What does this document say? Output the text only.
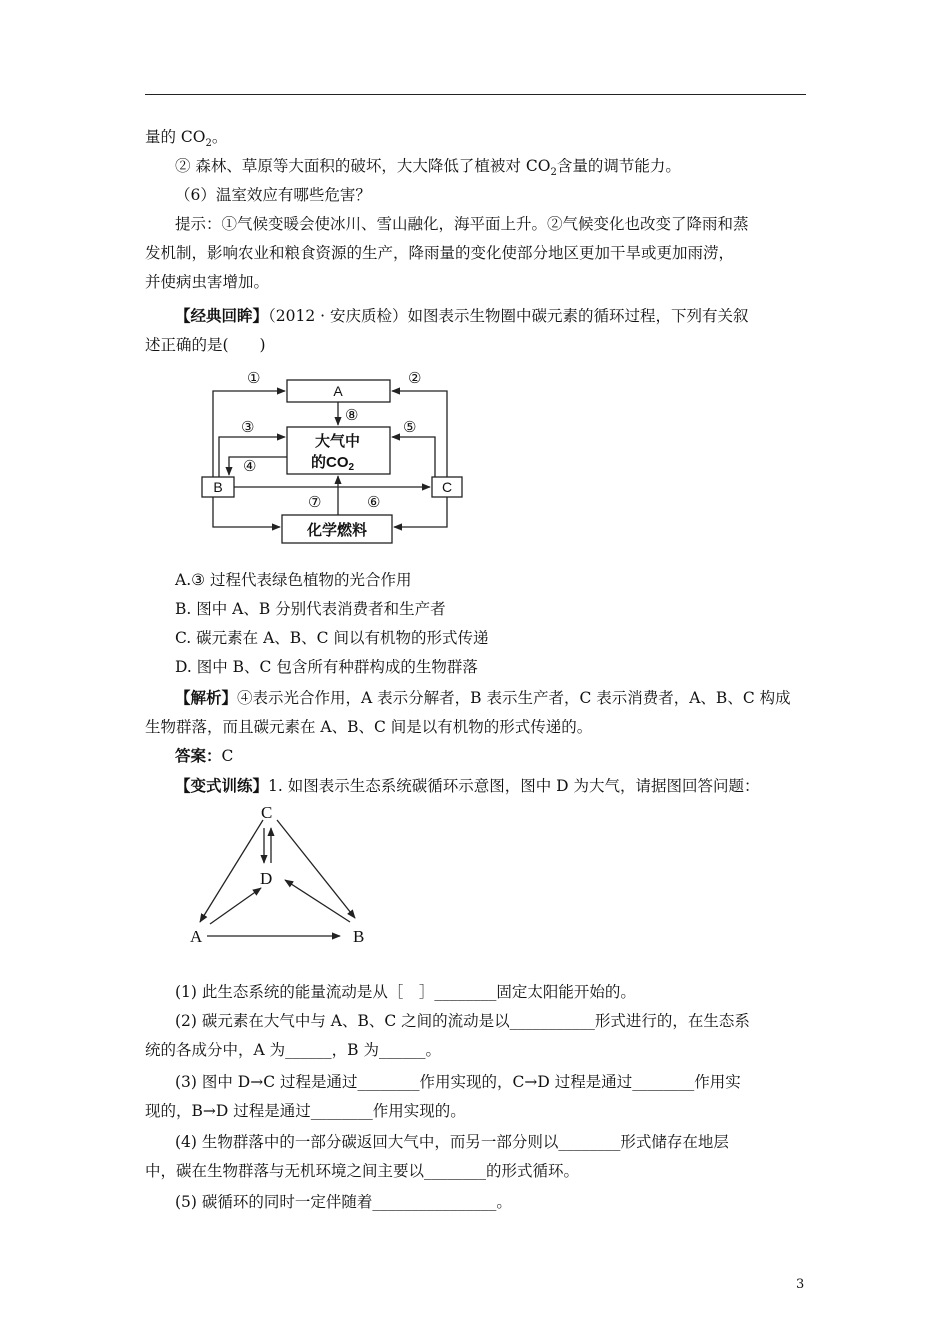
量的 $CO_2$。
② 森林、草原等大面积的破坏，大大降低了植被对 $CO_2$含量的调节能力。
（6）温室效应有哪些危害？
提示：①气候变暖会使冰川、雪山融化，海平面上升。②气候变化也改变了降雨和蒸
发机制，影响农业和粮食资源的生产，降雨量的变化使部分地区更加干旱或更加雨涝，
并使病虫害增加。
【经典回眸】（2012 · 安庆质检）如图表示生物圈中碳元素的循环过程，下列有关叙
述正确的是(　　)
A
B	C
大气中
的$CO_2$
化学燃料
①	②
③
④
⑤
⑥
⑦
⑧
A.③ 过程代表绿色植物的光合作用
B. 图中 A、B 分别代表消费者和生产者
C. 碳元素在 A、B、C 间以有机物的形式传递
D. 图中 B、C 包含所有种群构成的生物群落
【解析】④表示光合作用，A 表示分解者，B 表示生产者，C 表示消费者，A、B、C 构成
生物群落，而且碳元素在 A、B、C 间是以有机物的形式传递的。
答案：C
【变式训练】1. 如图表示生态系统碳循环示意图，图中 D 为大气，请据图回答问题：
C
D
A	B
(1) 此生态系统的能量流动是从［　］________固定太阳能开始的。
(2) 碳元素在大气中与 A、B、C 之间的流动是以___________形式进行的，在生态系
统的各成分中，A 为______，B 为______。
(3) 图中 D→C 过程是通过________作用实现的，C→D 过程是通过________作用实
现的，B→D 过程是通过________作用实现的。
(4) 生物群落中的一部分碳返回大气中，而另一部分则以________形式储存在地层
中，碳在生物群落与无机环境之间主要以________的形式循环。
(5) 碳循环的同时一定伴随着________________。
3
